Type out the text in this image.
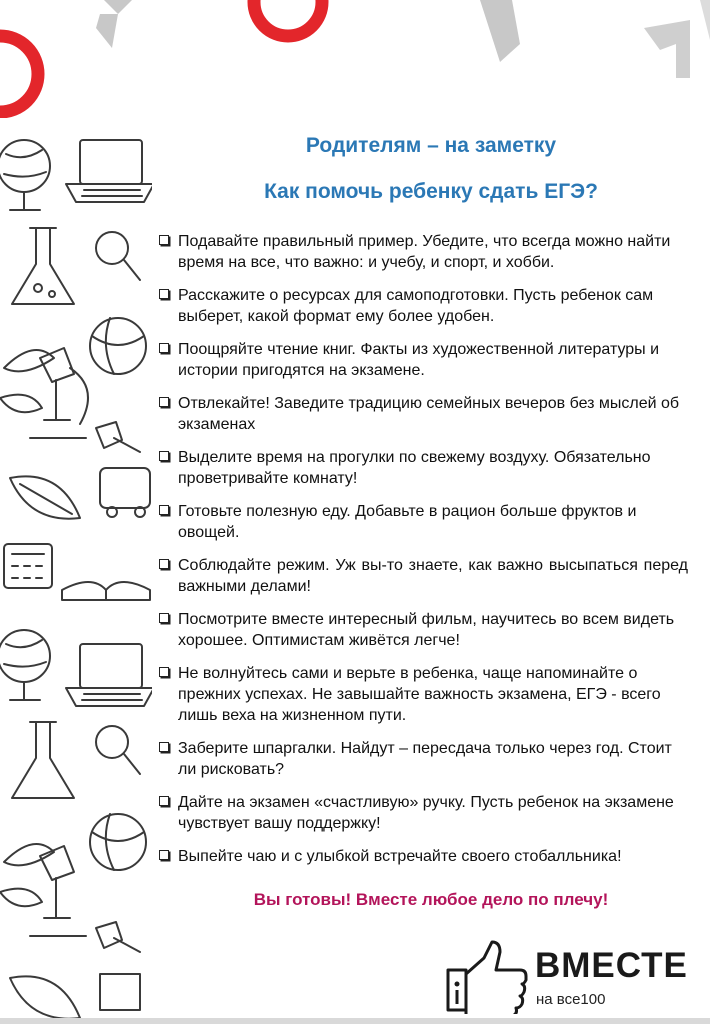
Родителям – на заметку
Как помочь ребенку сдать ЕГЭ?
Подавайте правильный пример. Убедите, что всегда можно найти время на все, что важно: и учебу, и спорт, и хобби.
Расскажите о ресурсах для самоподготовки. Пусть ребенок сам выберет, какой формат ему более удобен.
Поощряйте чтение книг. Факты из художественной литературы и истории пригодятся на экзамене.
Отвлекайте! Заведите традицию семейных вечеров без мыслей об экзаменах
Выделите время на прогулки по свежему воздуху. Обязательно проветривайте комнату!
Готовьте полезную еду. Добавьте в рацион больше фруктов и овощей.
Соблюдайте режим. Уж вы-то знаете, как важно высыпаться перед важными делами!
Посмотрите вместе интересный фильм, научитесь во всем видеть хорошее. Оптимистам живётся легче!
Не волнуйтесь сами и верьте в ребенка, чаще напоминайте о прежних успехах. Не завышайте важность экзамена, ЕГЭ - всего лишь веха на жизненном пути.
Заберите шпаргалки. Найдут – пересдача только через год. Стоит ли рисковать?
Дайте на экзамен «счастливую» ручку. Пусть ребенок на экзамене чувствует вашу поддержку!
Выпейте чаю и с улыбкой встречайте своего стобалльника!

Вы готовы! Вместе любое дело по плечу!

ВМЕСТЕ
на все100
